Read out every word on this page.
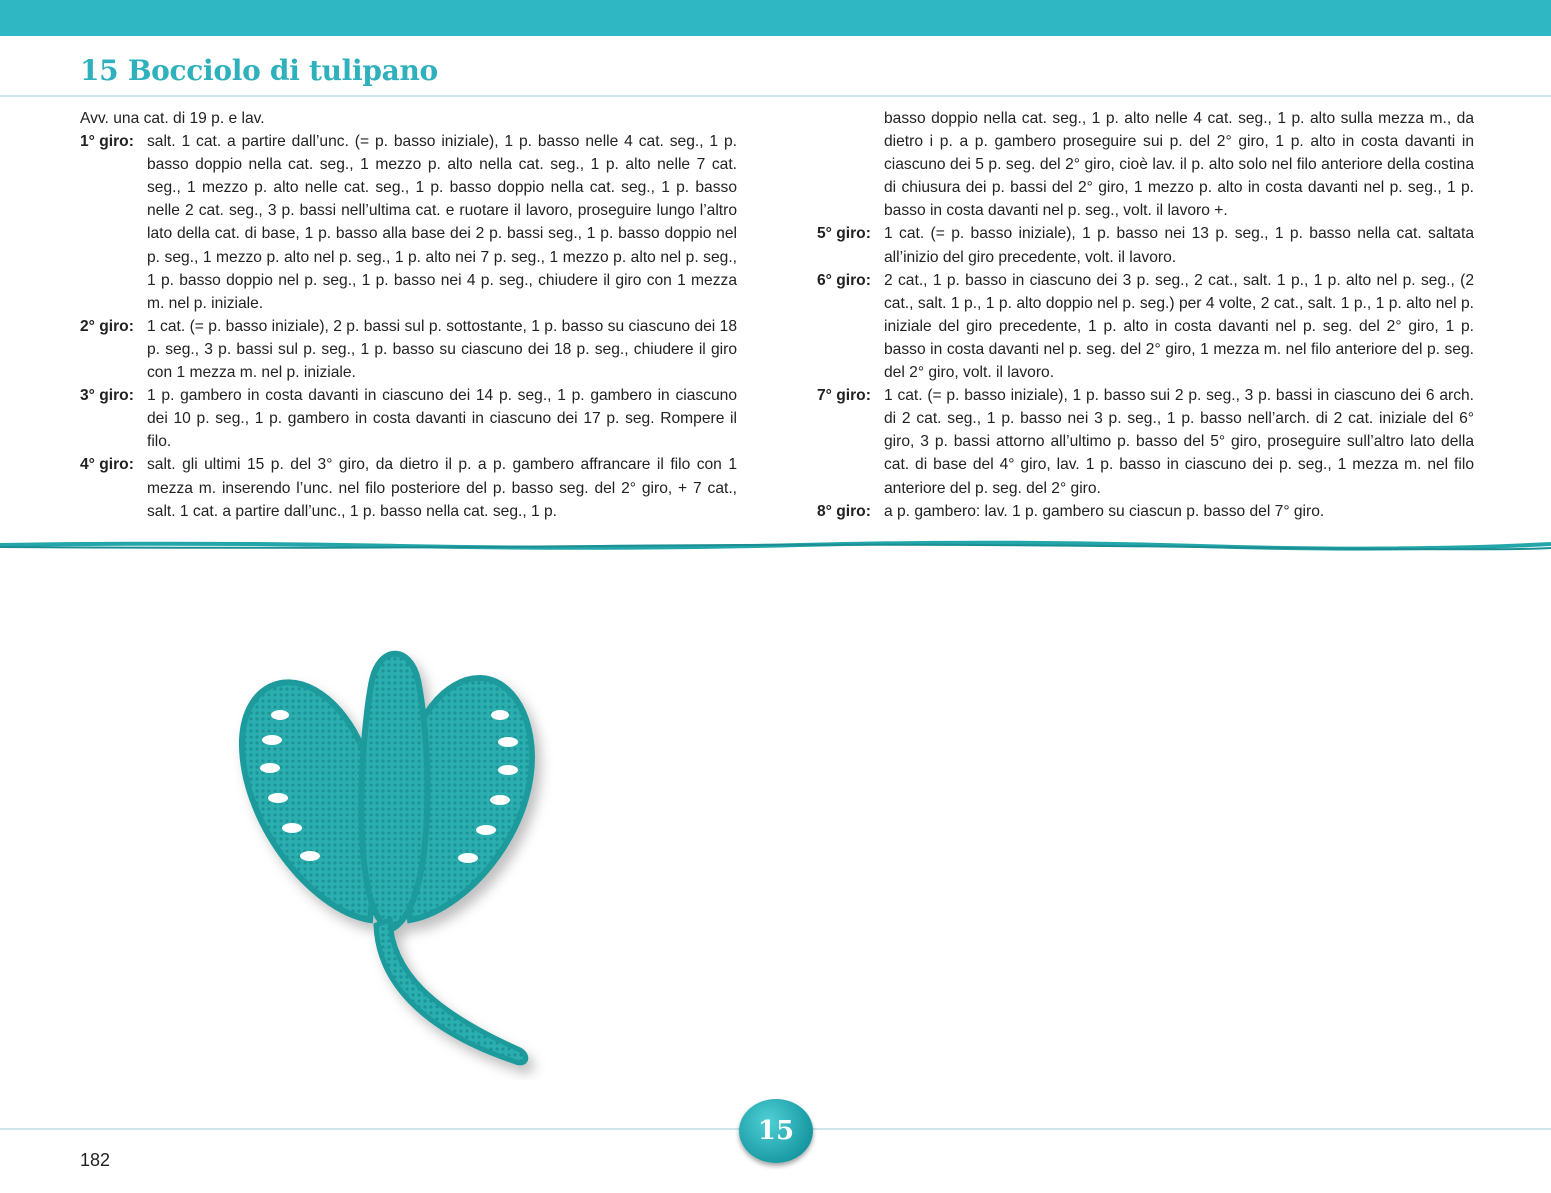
15 Bocciolo di tulipano

Avv. una cat. di 19 p. e lav.

1° giro: salt. 1 cat. a partire dall’unc. (= p. basso iniziale), 1 p. basso nelle 4 cat. seg., 1 p. basso doppio nella cat. seg., 1 mezzo p. alto nella cat. seg., 1 p. alto nelle 7 cat. seg., 1 mezzo p. alto nelle cat. seg., 1 p. basso doppio nella cat. seg., 1 p. basso nelle 2 cat. seg., 3 p. bassi nell’ultima cat. e ruotare il lavoro, proseguire lungo l’altro lato della cat. di base, 1 p. basso alla base dei 2 p. bassi seg., 1 p. basso doppio nel p. seg., 1 mezzo p. alto nel p. seg., 1 p. alto nei 7 p. seg., 1 mezzo p. alto nel p. seg., 1 p. basso doppio nel p. seg., 1 p. basso nei 4 p. seg., chiudere il giro con 1 mezza m. nel p. iniziale.

2° giro: 1 cat. (= p. basso iniziale), 2 p. bassi sul p. sottostante, 1 p. basso su ciascuno dei 18 p. seg., 3 p. bassi sul p. seg., 1 p. basso su ciascuno dei 18 p. seg., chiudere il giro con 1 mezza m. nel p. iniziale.

3° giro: 1 p. gambero in costa davanti in ciascuno dei 14 p. seg., 1 p. gambero in ciascuno dei 10 p. seg., 1 p. gambero in costa davanti in ciascuno dei 17 p. seg. Rompere il filo.

4° giro: salt. gli ultimi 15 p. del 3° giro, da dietro il p. a p. gambero affrancare il filo con 1 mezza m. inserendo l’unc. nel filo posteriore del p. basso seg. del 2° giro, + 7 cat., salt. 1 cat. a partire dall’unc., 1 p. basso nella cat. seg., 1 p.

basso doppio nella cat. seg., 1 p. alto nelle 4 cat. seg., 1 p. alto sulla mezza m., da dietro i p. a p. gambero proseguire sui p. del 2° giro, 1 p. alto in costa davanti in ciascuno dei 5 p. seg. del 2° giro, cioè lav. il p. alto solo nel filo anteriore della costina di chiusura dei p. bassi del 2° giro, 1 mezzo p. alto in costa davanti nel p. seg., 1 p. basso in costa davanti nel p. seg., volt. il lavoro +.

5° giro: 1 cat. (= p. basso iniziale), 1 p. basso nei 13 p. seg., 1 p. basso nella cat. saltata all’inizio del giro precedente, volt. il lavoro.

6° giro: 2 cat., 1 p. basso in ciascuno dei 3 p. seg., 2 cat., salt. 1 p., 1 p. alto nel p. seg., (2 cat., salt. 1 p., 1 p. alto doppio nel p. seg.) per 4 volte, 2 cat., salt. 1 p., 1 p. alto nel p. iniziale del giro precedente, 1 p. alto in costa davanti nel p. seg. del 2° giro, 1 p. basso in costa davanti nel p. seg. del 2° giro, 1 mezza m. nel filo anteriore del p. seg. del 2° giro, volt. il lavoro.

7° giro: 1 cat. (= p. basso iniziale), 1 p. basso sui 2 p. seg., 3 p. bassi in ciascuno dei 6 arch. di 2 cat. seg., 1 p. basso nei 3 p. seg., 1 p. basso nell’arch. di 2 cat. iniziale del 6° giro, 3 p. bassi attorno all’ultimo p. basso del 5° giro, proseguire sull’altro lato della cat. di base del 4° giro, lav. 1 p. basso in ciascuno dei p. seg., 1 mezza m. nel filo anteriore del p. seg. del 2° giro.

8° giro: a p. gambero: lav. 1 p. gambero su ciascun p. basso del 7° giro.

15
182
